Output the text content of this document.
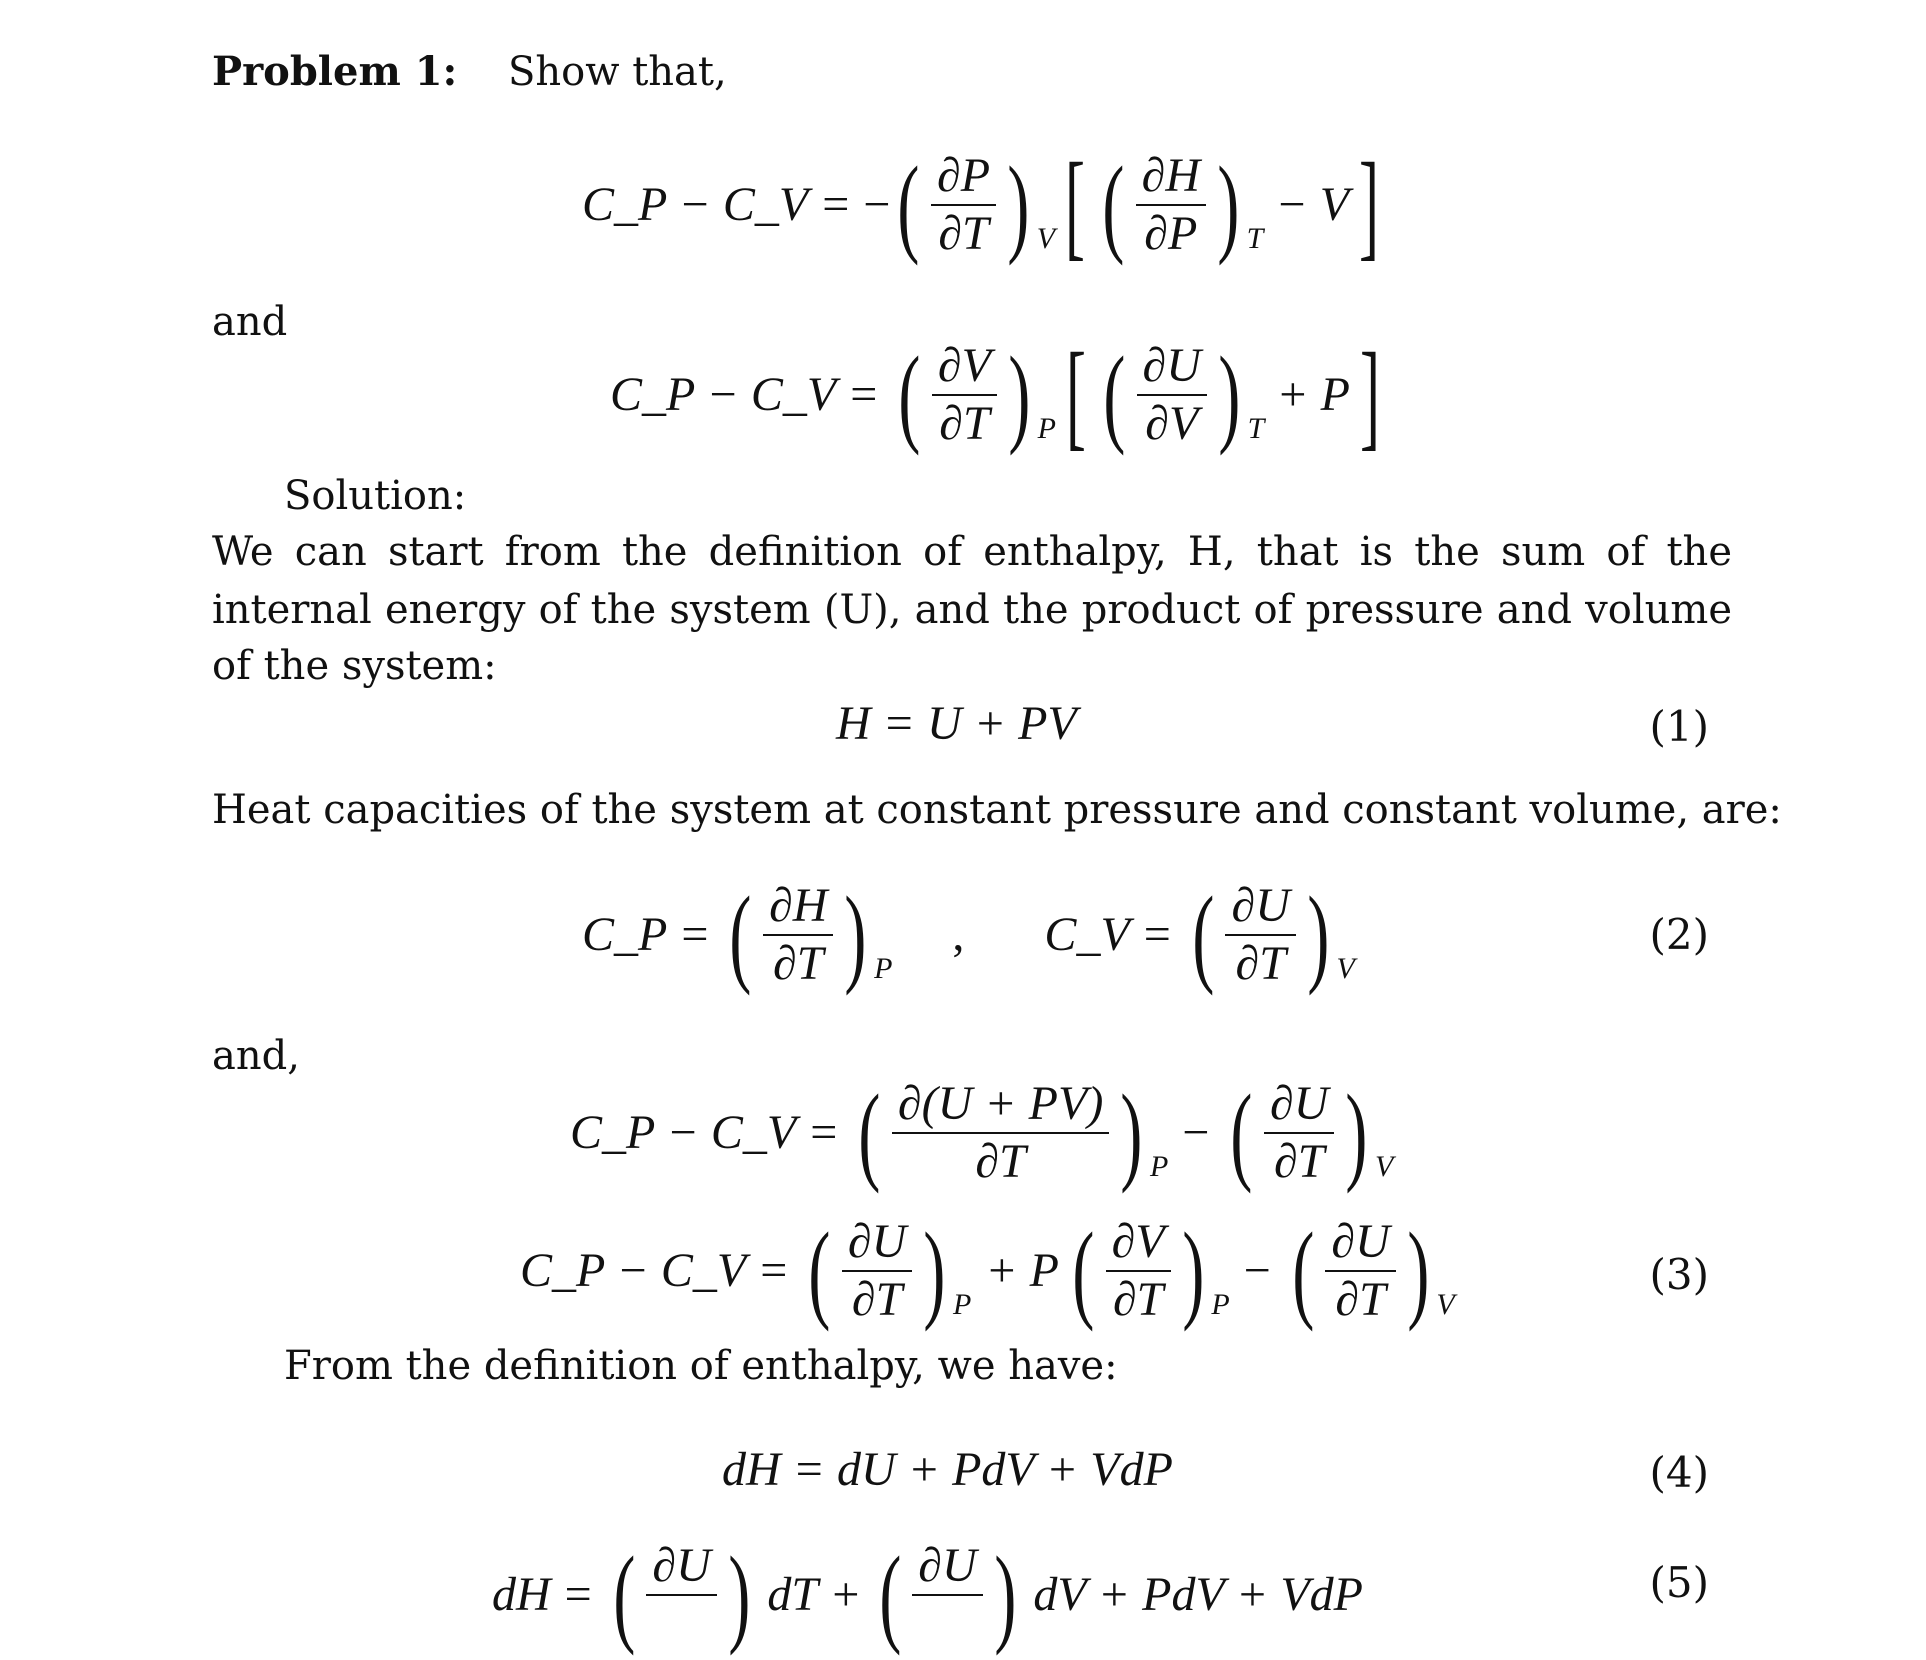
Problem 1: Show that,
C_P − C_V = − ( $\frac{\partial P}{\partial T} )_V$ [ ( $\frac{\partial H}{\partial P} )_T$
− V ]
and
C_P − C_V = ( $\frac{\partial V}{\partial T} )_P$ [ ( $\frac{\partial U}{\partial V} )_T$
+ P ]
Solution:
We can start from the definition of enthalpy, H, that is the sum of the
internal energy of the system (U), and the product of pressure and volume
of the system:
H = U + PV	(1)
Heat capacities of the system at constant pressure and constant volume, are:
C_P = ( $\frac{\partial H}{\partial T} )_P$
, C_V = ( $\frac{\partial U}{\partial T} )_V$
(2)
and,
C_P − C_V = ( $\frac{\partial(U + PV)}{\partial T} )_P$
− ( $\frac{\partial U}{\partial T} )_V$
C_P − C_V = ( $\frac{\partial U}{\partial T} )_P$
+ P ( $\frac{\partial V}{\partial T} )_P$
− ( $\frac{\partial U}{\partial T} )_V$
(3)
From the definition of enthalpy, we have:
dH = dU + PdV + VdP	(4)
dH = ( ∂U ) dT + ( ∂U ) dV + PdV + VdP	(5)
